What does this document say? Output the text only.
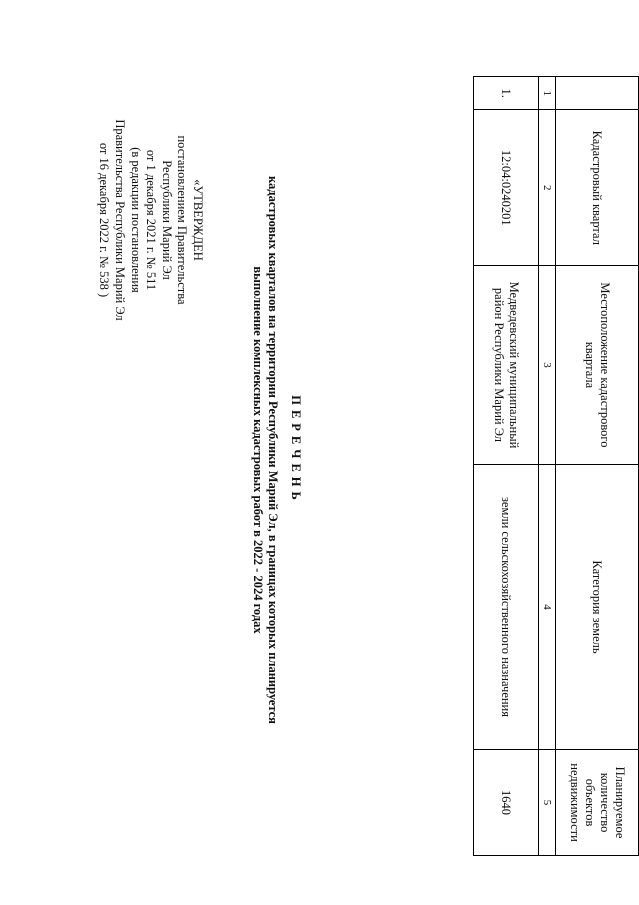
«УТВЕРЖДЕН
постановлением Правительства
Республики Марий Эл
от 1 декабря 2021 г. № 511
(в редакции постановления
Правительства Республики Марий Эл
от 16 декабря 2022 г. № 538 )
ПЕРЕЧЕНЬ
кадастровых кварталов на территории Республики Марий Эл, в границах которых планируется
выполнение комплексных кадастровых работ в 2022 - 2024 годах
	Кадастровый квартал	Местоположение кадастрового квартала	Категория земель	Планируемое количество объектов недвижимости
1	2	3	4	5
1.	12:04:0240201	Медведевский муниципальный район Республики Марий Эл	земли сельскохозяйственного назначения	1640
